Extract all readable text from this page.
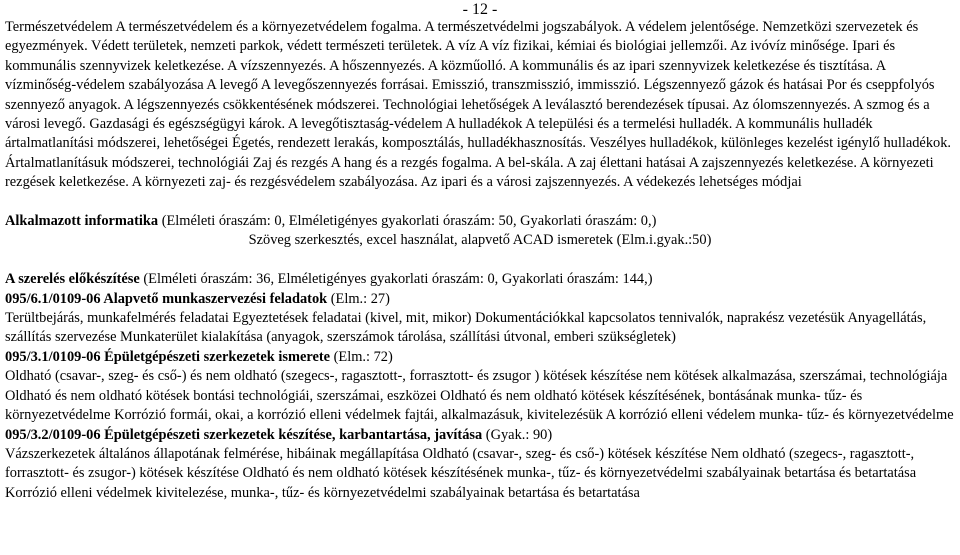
- 12 -

Természetvédelem A természetvédelem és a környezetvédelem fogalma. A természetvédelmi jogszabályok. A védelem jelentősége. Nemzetközi szervezetek és egyezmények. Védett területek, nemzeti parkok, védett természeti területek. A víz A víz fizikai, kémiai és biológiai jellemzői. Az ivóvíz minősége. Ipari és kommunális szennyvizek keletkezése. A vízszennyezés. A hőszennyezés. A közműolló. A kommunális és az ipari szennyvizek keletkezése és tisztítása. A vízminőség-védelem szabályozása A levegő A levegőszennyezés forrásai. Emisszió, transzmisszió, immisszió. Légszennyező gázok és hatásai Por és cseppfolyós szennyező anyagok. A légszennyezés csökkentésének módszerei. Technológiai lehetőségek A leválasztó berendezések típusai. Az ólomszennyezés. A szmog és a városi levegő. Gazdasági és egészségügyi károk. A levegőtisztaság-védelem A hulladékok A települési és a termelési hulladék. A kommunális hulladék ártalmatlanítási módszerei, lehetőségei Égetés, rendezett lerakás, komposztálás, hulladékhasznosítás. Veszélyes hulladékok, különleges kezelést igénylő hulladékok. Ártalmatlanításuk módszerei, technológiái Zaj és rezgés A hang és a rezgés fogalma. A bel-skála. A zaj élettani hatásai A zajszennyezés keletkezése. A környezeti rezgések keletkezése. A környezeti zaj- és rezgésvédelem szabályozása. Az ipari és a városi zajszennyezés. A védekezés lehetséges módjai

Alkalmazott informatika (Elméleti óraszám: 0, Elméletigényes gyakorlati óraszám: 50, Gyakorlati óraszám: 0,)

Szöveg szerkesztés, excel használat, alapvető ACAD ismeretek (Elm.i.gyak.:50)

A szerelés előkészítése (Elméleti óraszám: 36, Elméletigényes gyakorlati óraszám: 0, Gyakorlati óraszám: 144,)

095/6.1/0109-06 Alapvető munkaszervezési feladatok (Elm.: 27)

Terültbejárás, munkafelmérés feladatai Egyeztetések feladatai (kivel, mit, mikor) Dokumentációkkal kapcsolatos tennivalók, naprakész vezetésük Anyagellátás, szállítás szervezése Munkaterület kialakítása (anyagok, szerszámok tárolása, szállítási útvonal, emberi szükségletek)

095/3.1/0109-06 Épületgépészeti szerkezetek ismerete (Elm.: 72)

Oldható (csavar-, szeg- és cső-) és nem oldható (szegecs-, ragasztott-, forrasztott- és zsugor ) kötések készítése nem kötések alkalmazása, szerszámai, technológiája Oldható és nem oldható kötések bontási technológiái, szerszámai, eszközei Oldható és nem oldható kötések készítésének, bontásának munka- tűz- és környezetvédelme Korrózió formái, okai, a korrózió elleni védelmek fajtái, alkalmazásuk, kivitelezésük A korrózió elleni védelem munka- tűz- és környezetvédelme

095/3.2/0109-06 Épületgépészeti szerkezetek készítése, karbantartása, javítása (Gyak.: 90)

Vázszerkezetek általános állapotának felmérése, hibáinak megállapítása Oldható (csavar-, szeg- és cső-) kötések készítése Nem oldható (szegecs-, ragasztott-, forrasztott- és zsugor-) kötések készítése Oldható és nem oldható kötések készítésének munka-, tűz- és környezetvédelmi szabályainak betartása és betartatása Korrózió elleni védelmek kivitelezése, munka-, tűz- és környezetvédelmi szabályainak betartása és betartatása
